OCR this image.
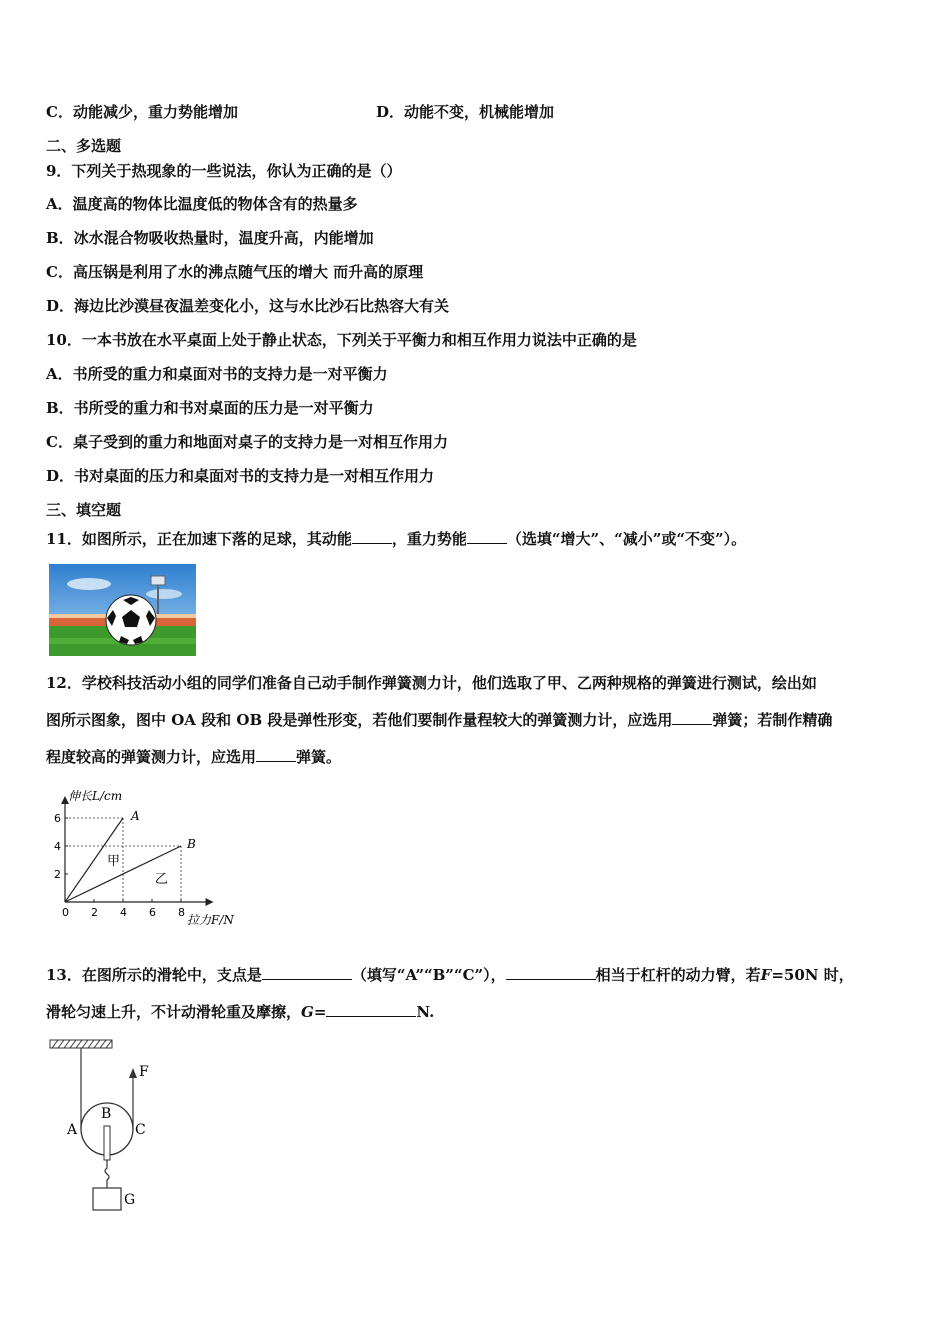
C．动能减少，重力势能增加	D．动能不变，机械能增加
二、多选题
9．下列关于热现象的一些说法，你认为正确的是（）
A．温度高的物体比温度低的物体含有的热量多
B．冰水混合物吸收热量时，温度升高，内能增加
C．高压锅是利用了水的沸点随气压的增大 而升高的原理
D．海边比沙漠昼夜温差变化小，这与水比沙石比热容大有关
10．一本书放在水平桌面上处于静止状态，下列关于平衡力和相互作用力说法中正确的是
A．书所受的重力和桌面对书的支持力是一对平衡力
B．书所受的重力和书对桌面的压力是一对平衡力
C．桌子受到的重力和地面对桌子的支持力是一对相互作用力
D．书对桌面的压力和桌面对书的支持力是一对相互作用力
三、填空题
11．如图所示，正在加速下落的足球，其动能	，重力势能	（选填“增大”、“减小”或“不变”）。
12．学校科技活动小组的同学们准备自己动手制作弹簧测力计，他们选取了甲、乙两种规格的弹簧进行测试，绘出如
图所示图象，图中 OA 段和 OB 段是弹性形变，若他们要制作量程较大的弹簧测力计，应选用	弹簧；若制作精确
程度较高的弹簧测力计，应选用	弹簧。
0 2 4 6 8
2
4
6
伸长L/cm
拉力F/N
A
B
甲
乙
13．在图所示的滑轮中，支点是	（填写“A”“B”“C”），	相当于杠杆的动力臂，若F=50N 时，
滑轮匀速上升，不计动滑轮重及摩擦，G=	N.
A
B
C
F
G
